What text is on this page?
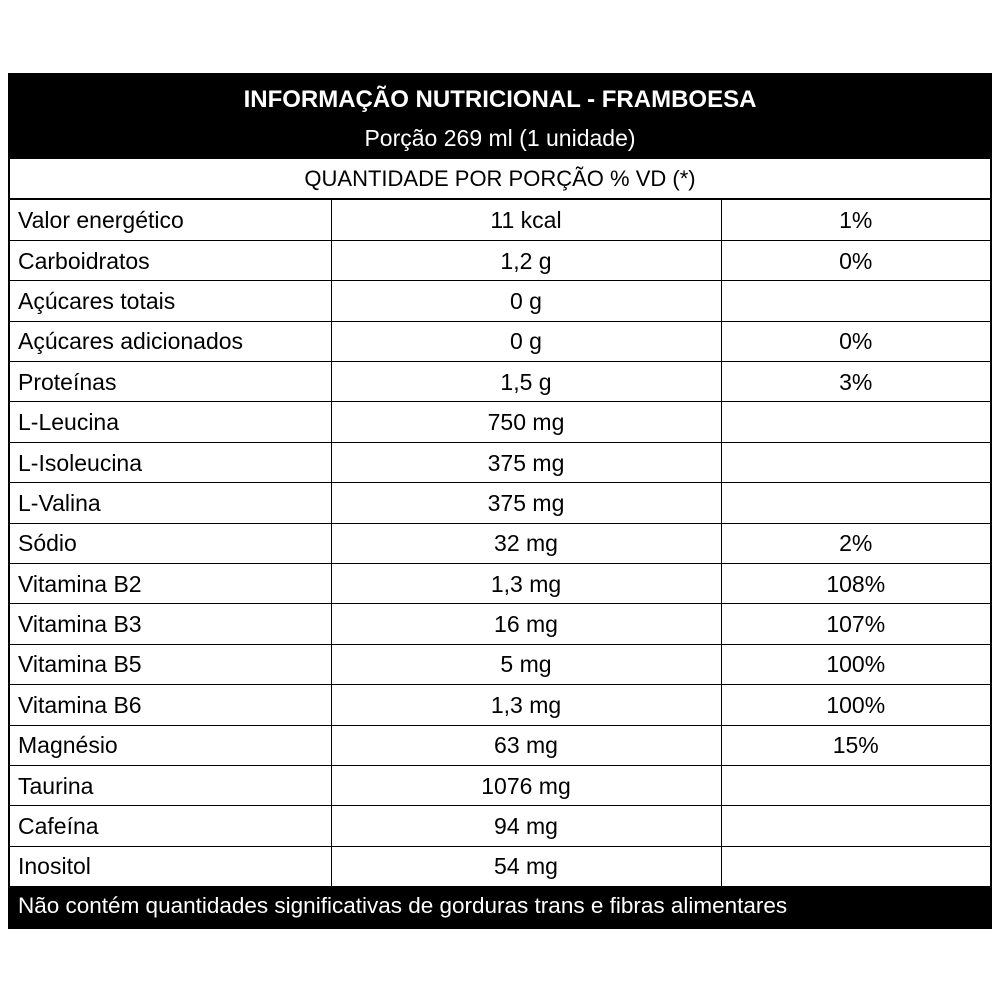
INFORMAÇÃO NUTRICIONAL - FRAMBOESA
Porção 269 ml (1 unidade)
QUANTIDADE POR PORÇÃO % VD (*)
Valor energético	11 kcal	1%
Carboidratos	1,2 g	0%
Açúcares totais	0 g	
Açúcares adicionados	0 g	0%
Proteínas	1,5 g	3%
L-Leucina	750 mg	
L-Isoleucina	375 mg	
L-Valina	375 mg	
Sódio	32 mg	2%
Vitamina B2	1,3 mg	108%
Vitamina B3	16 mg	107%
Vitamina B5	5 mg	100%
Vitamina B6	1,3 mg	100%
Magnésio	63 mg	15%
Taurina	1076 mg	
Cafeína	94 mg	
Inositol	54 mg	
Não contém quantidades significativas de gorduras trans e fibras alimentares
